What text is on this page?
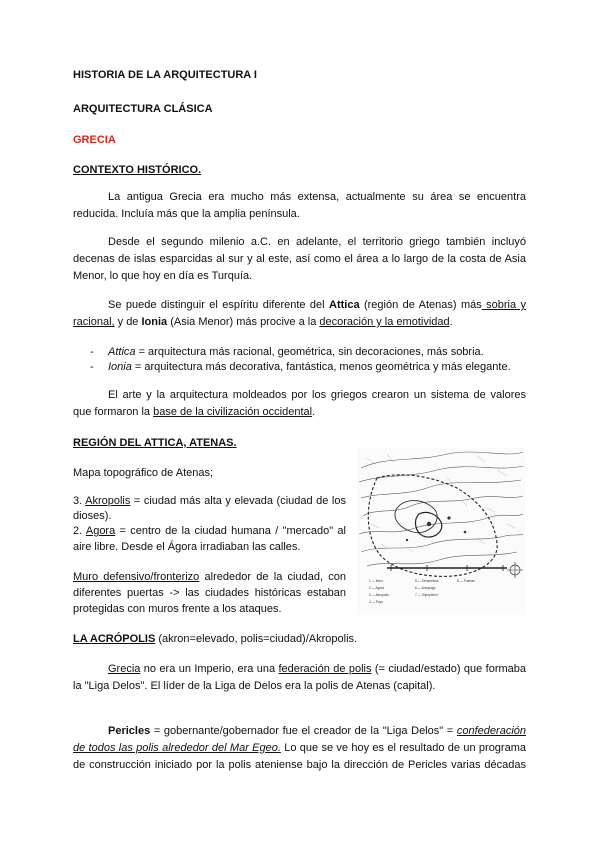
HISTORIA DE LA ARQUITECTURA I
ARQUITECTURA CLÁSICA
GRECIA
CONTEXTO HISTÓRICO.
La antigua Grecia era mucho más extensa, actualmente su área se encuentra
reducida. Incluía más que la amplia península.
Desde el segundo milenio a.C. en adelante, el territorio griego también incluyó
decenas de islas esparcidas al sur y al este, así como el área a lo largo de la costa de Asia
Menor, lo que hoy en día es Turquía.
Se puede distinguir el espíritu diferente del Attica (región de Atenas) más sobria y
racional, y de Ionia (Asia Menor) más procive a la decoración y la emotividad.
- Attica = arquitectura más racional, geométrica, sin decoraciones, más sobria.
- Ionia = arquitectura más decorativa, fantástica, menos geométrica y más elegante.
El arte y la arquitectura moldeados por los griegos crearon un sistema de valores
que formaron la base de la civilización occidental.
REGIÓN DEL ATTICA, ATENAS.
Mapa topográfico de Atenas;
3. Akropolis = ciudad más alta y elevada (ciudad de los
dioses).
2. Agora = centro de la ciudad humana / "mercado" al
aire libre. Desde el Ágora irradiaban las calles.
Muro defensivo/fronterizo alrededor de la ciudad, con
diferentes puertas -> las ciudades históricas estaban
protegidas con muros frente a los ataques.
1 — Muro
2 — Agora
3 — Akropolis
4 — Pnyx
5 — Kerameikos
6 — Areopago
7 — Olympieion
8 — Puertas
LA ACRÓPOLIS (akron=elevado, polis=ciudad)/Akropolis.
Grecia no era un Imperio, era una federación de polis (= ciudad/estado) que formaba
la "Liga Delos". El líder de la Liga de Delos era la polis de Atenas (capital).
Pericles = gobernante/gobernador fue el creador de la "Liga Delos" = confederación
de todos las polis alrededor del Mar Egeo. Lo que se ve hoy es el resultado de un programa
de construcción iniciado por la polis ateniense bajo la dirección de Pericles varias décadas
